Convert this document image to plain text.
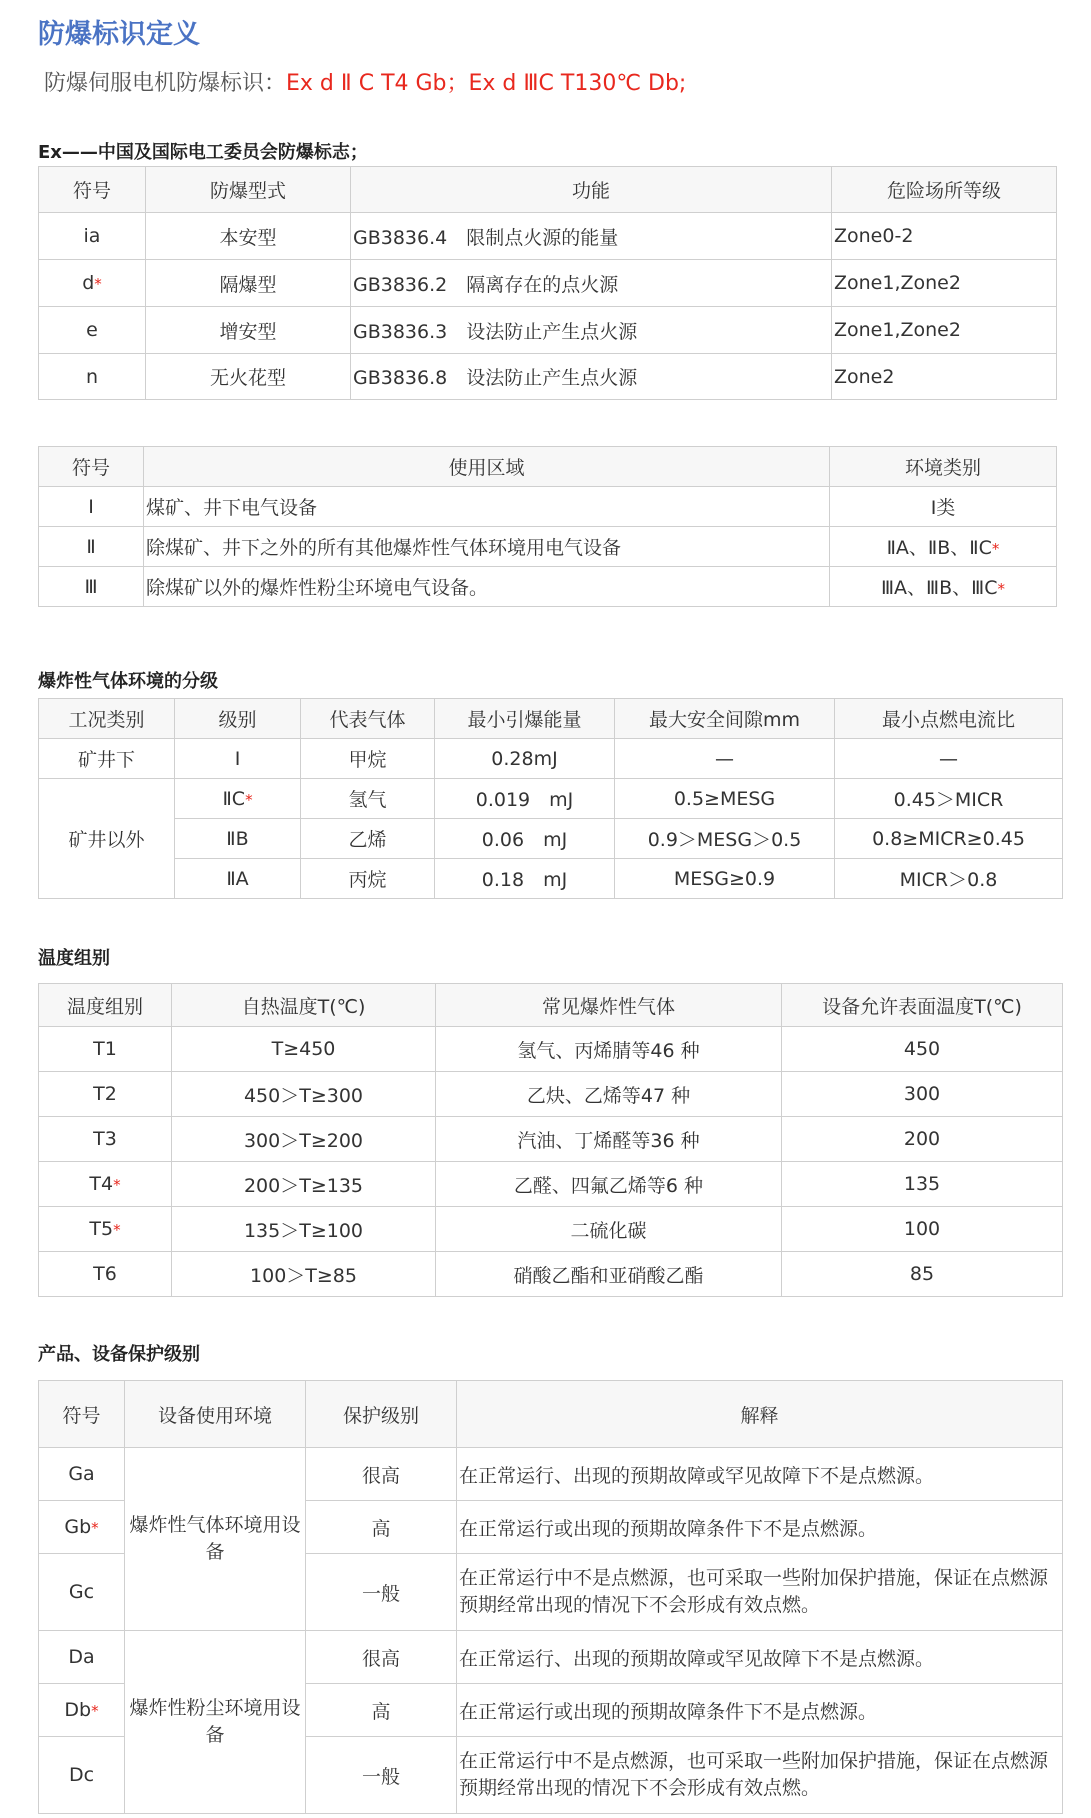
防爆标识定义
防爆伺服电机防爆标识：Ex d Ⅱ C T4 Gb；Ex d ⅢC T130℃ Db;
Ex——中国及国际电工委员会防爆标志；
符号	防爆型式	功能	危险场所等级
ia	本安型	GB3836.4　限制点火源的能量	Zone0-2
d*	隔爆型	GB3836.2　隔离存在的点火源	Zone1,Zone2
e	增安型	GB3836.3　设法防止产生点火源	Zone1,Zone2
n	无火花型	GB3836.8　设法防止产生点火源	Zone2
符号	使用区域	环境类别
Ⅰ	煤矿、井下电气设备	Ⅰ类
Ⅱ	除煤矿、井下之外的所有其他爆炸性气体环境用电气设备	ⅡA、ⅡB、ⅡC*
Ⅲ	除煤矿以外的爆炸性粉尘环境电气设备。	ⅢA、ⅢB、ⅢC*
爆炸性气体环境的分级
工况类别	级别	代表气体	最小引爆能量	最大安全间隙mm	最小点燃电流比
矿井下	Ⅰ	甲烷	0.28mJ	—	—
矿井以外	ⅡC*	氢气	0.019　mJ	0.5≥MESG	0.45＞MICR
	ⅡB	乙烯	0.06　mJ	0.9＞MESG＞0.5	0.8≥MICR≥0.45
	ⅡA	丙烷	0.18　mJ	MESG≥0.9	MICR＞0.8
温度组别
温度组别	自热温度T(℃)	常见爆炸性气体	设备允许表面温度T(℃)
T1	T≥450	氢气、丙烯腈等46 种	450
T2	450＞T≥300	乙炔、乙烯等47 种	300
T3	300＞T≥200	汽油、丁烯醛等36 种	200
T4*	200＞T≥135	乙醛、四氟乙烯等6 种	135
T5*	135＞T≥100	二硫化碳	100
T6	100＞T≥85	硝酸乙酯和亚硝酸乙酯	85
产品、设备保护级别
符号	设备使用环境	保护级别	解释
Ga	爆炸性气体环境用设备	很高	在正常运行、出现的预期故障或罕见故障下不是点燃源。
Gb*		高	在正常运行或出现的预期故障条件下不是点燃源。
Gc		一般	在正常运行中不是点燃源，也可采取一些附加保护措施，保证在点燃源预期经常出现的情况下不会形成有效点燃。
Da	爆炸性粉尘环境用设备	很高	在正常运行、出现的预期故障或罕见故障下不是点燃源。
Db*		高	在正常运行或出现的预期故障条件下不是点燃源。
Dc		一般	在正常运行中不是点燃源，也可采取一些附加保护措施，保证在点燃源预期经常出现的情况下不会形成有效点燃。
